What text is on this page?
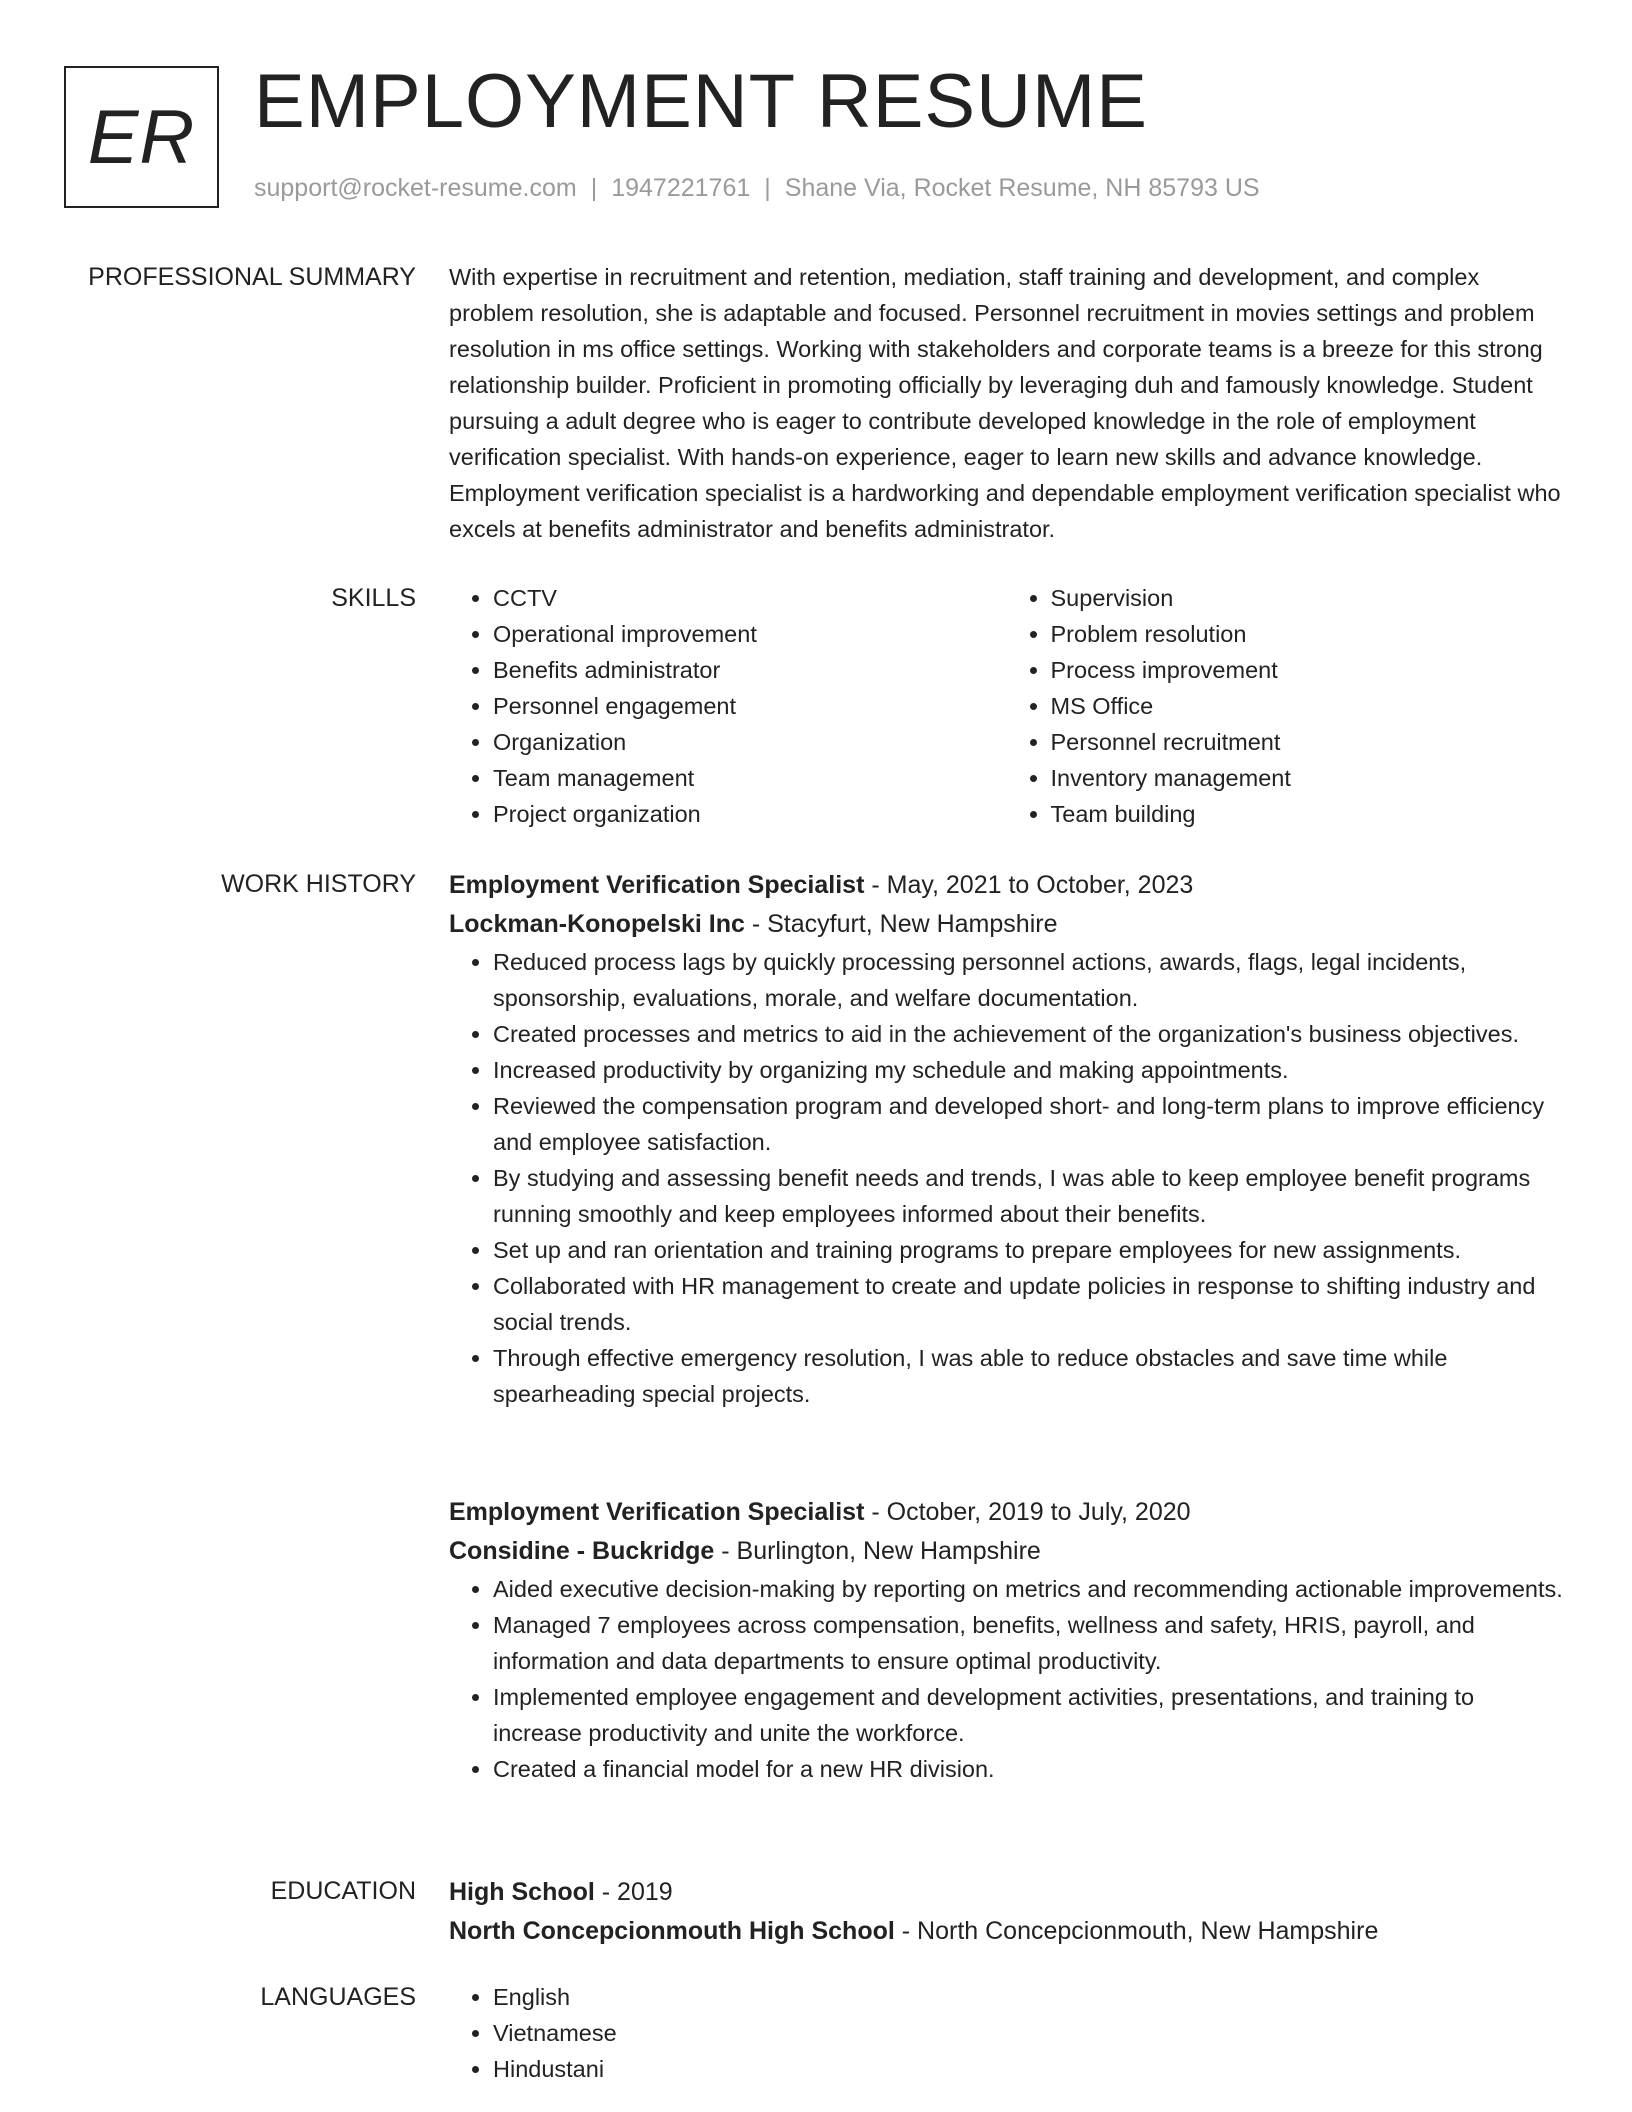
ER EMPLOYMENT RESUME
support@rocket-resume.com | 1947221761 | Shane Via, Rocket Resume, NH 85793 US
PROFESSIONAL SUMMARY With expertise in recruitment and retention, mediation, staff training and development, and complex problem resolution, she is adaptable and focused. Personnel recruitment in movies settings and problem resolution in ms office settings. Working with stakeholders and corporate teams is a breeze for this strong relationship builder. Proficient in promoting officially by leveraging duh and famously knowledge. Student pursuing a adult degree who is eager to contribute developed knowledge in the role of employment verification specialist. With hands-on experience, eager to learn new skills and advance knowledge. Employment verification specialist is a hardworking and dependable employment verification specialist who excels at benefits administrator and benefits administrator.

SKILLS	• CCTV
• Operational improvement
• Benefits administrator
• Personnel engagement
• Organization
• Team management
• Project organization
• Supervision
• Problem resolution
• Process improvement
• MS Office
• Personnel recruitment
• Inventory management
• Team building
WORK HISTORY Employment Verification Specialist - May, 2021 to October, 2023
Lockman-Konopelski Inc - Stacyfurt, New Hampshire
• Reduced process lags by quickly processing personnel actions, awards, flags, legal incidents, sponsorship, evaluations, morale, and welfare documentation.
• Created processes and metrics to aid in the achievement of the organization's business objectives.
• Increased productivity by organizing my schedule and making appointments.
• Reviewed the compensation program and developed short- and long-term plans to improve efficiency and employee satisfaction.
• By studying and assessing benefit needs and trends, I was able to keep employee benefit programs running smoothly and keep employees informed about their benefits.
• Set up and ran orientation and training programs to prepare employees for new assignments.
• Collaborated with HR management to create and update policies in response to shifting industry and social trends.
• Through effective emergency resolution, I was able to reduce obstacles and save time while spearheading special projects.
Employment Verification Specialist - October, 2019 to July, 2020
Considine - Buckridge - Burlington, New Hampshire
• Aided executive decision-making by reporting on metrics and recommending actionable improvements.
• Managed 7 employees across compensation, benefits, wellness and safety, HRIS, payroll, and information and data departments to ensure optimal productivity.
• Implemented employee engagement and development activities, presentations, and training to increase productivity and unite the workforce.
• Created a financial model for a new HR division.
EDUCATION High School - 2019
North Concepcionmouth High School - North Concepcionmouth, New Hampshire
LANGUAGES	• English
• Vietnamese
• Hindustani
